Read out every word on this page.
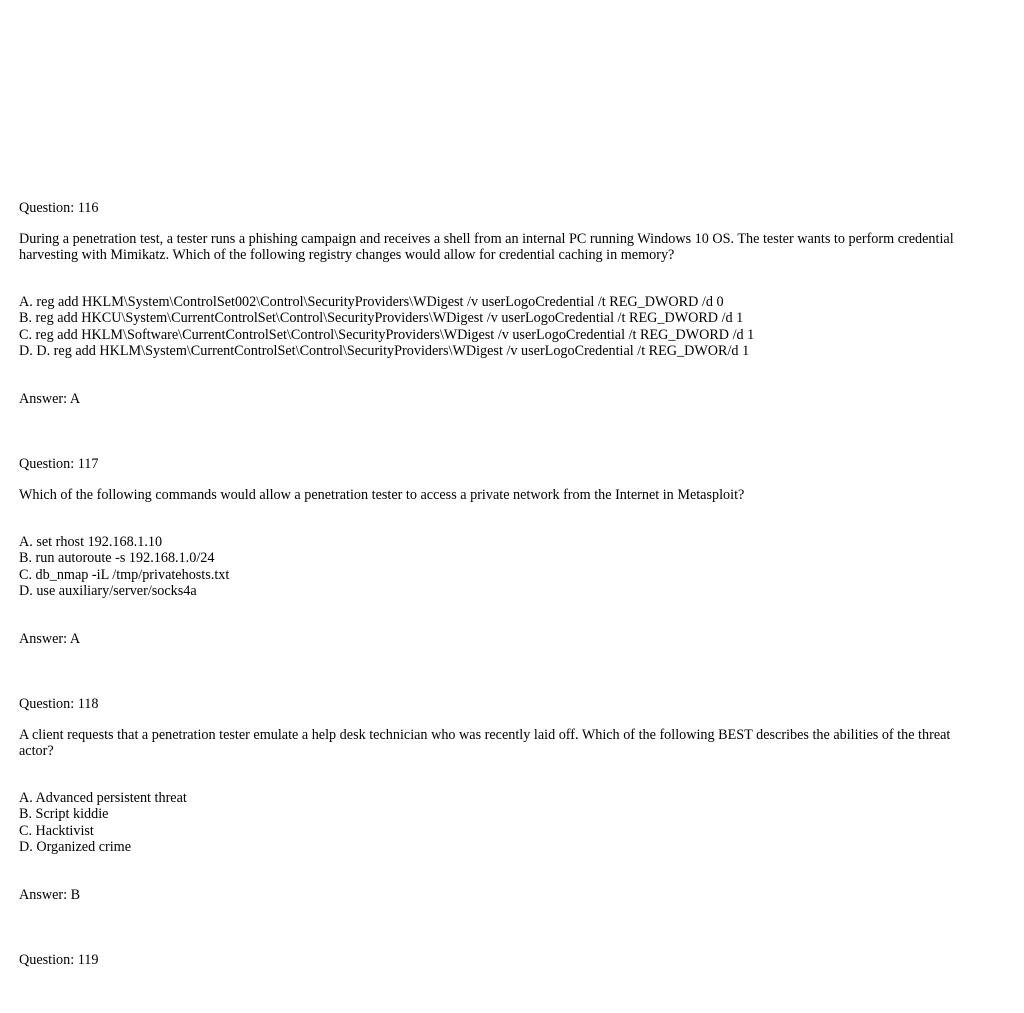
Question: 116
During a penetration test, a tester runs a phishing campaign and receives a shell from an internal PC running Windows 10 OS. The tester wants to perform credential harvesting with Mimikatz. Which of the following registry changes would allow for credential caching in memory?
A. reg add HKLM\System\ControlSet002\Control\SecurityProviders\WDigest /v userLogoCredential /t REG_DWORD /d 0
B. reg add HKCU\System\CurrentControlSet\Control\SecurityProviders\WDigest /v userLogoCredential /t REG_DWORD /d 1
C. reg add HKLM\Software\CurrentControlSet\Control\SecurityProviders\WDigest /v userLogoCredential /t REG_DWORD /d 1
D. D. reg add HKLM\System\CurrentControlSet\Control\SecurityProviders\WDigest /v userLogoCredential /t REG_DWOR/d 1
Answer: A
Question: 117
Which of the following commands would allow a penetration tester to access a private network from the Internet in Metasploit?
A. set rhost 192.168.1.10
B. run autoroute -s 192.168.1.0/24
C. db_nmap -iL /tmp/privatehosts.txt
D. use auxiliary/server/socks4a
Answer: A
Question: 118
A client requests that a penetration tester emulate a help desk technician who was recently laid off. Which of the following BEST describes the abilities of the threat actor?
A. Advanced persistent threat
B. Script kiddie
C. Hacktivist
D. Organized crime
Answer: B
Question: 119
